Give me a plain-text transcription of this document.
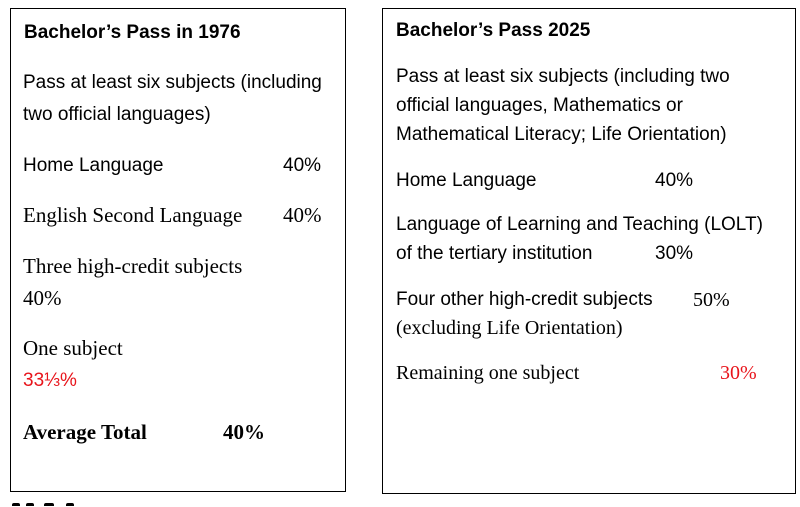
Bachelor’s Pass in 1976
Pass at least six subjects (including
two official languages)
Home Language	40%
English Second Language 40%
Three high-credit subjects
40%
One subject
33⅓%
Average Total	40%
Bachelor’s Pass 2025
Pass at least six subjects (including two
official languages, Mathematics or
Mathematical Literacy; Life Orientation)
Home Language	40%
Language of Learning and Teaching (LOLT)
of the tertiary institution	30%
Four other high-credit subjects 50%
(excluding Life Orientation)
Remaining one subject	30%
